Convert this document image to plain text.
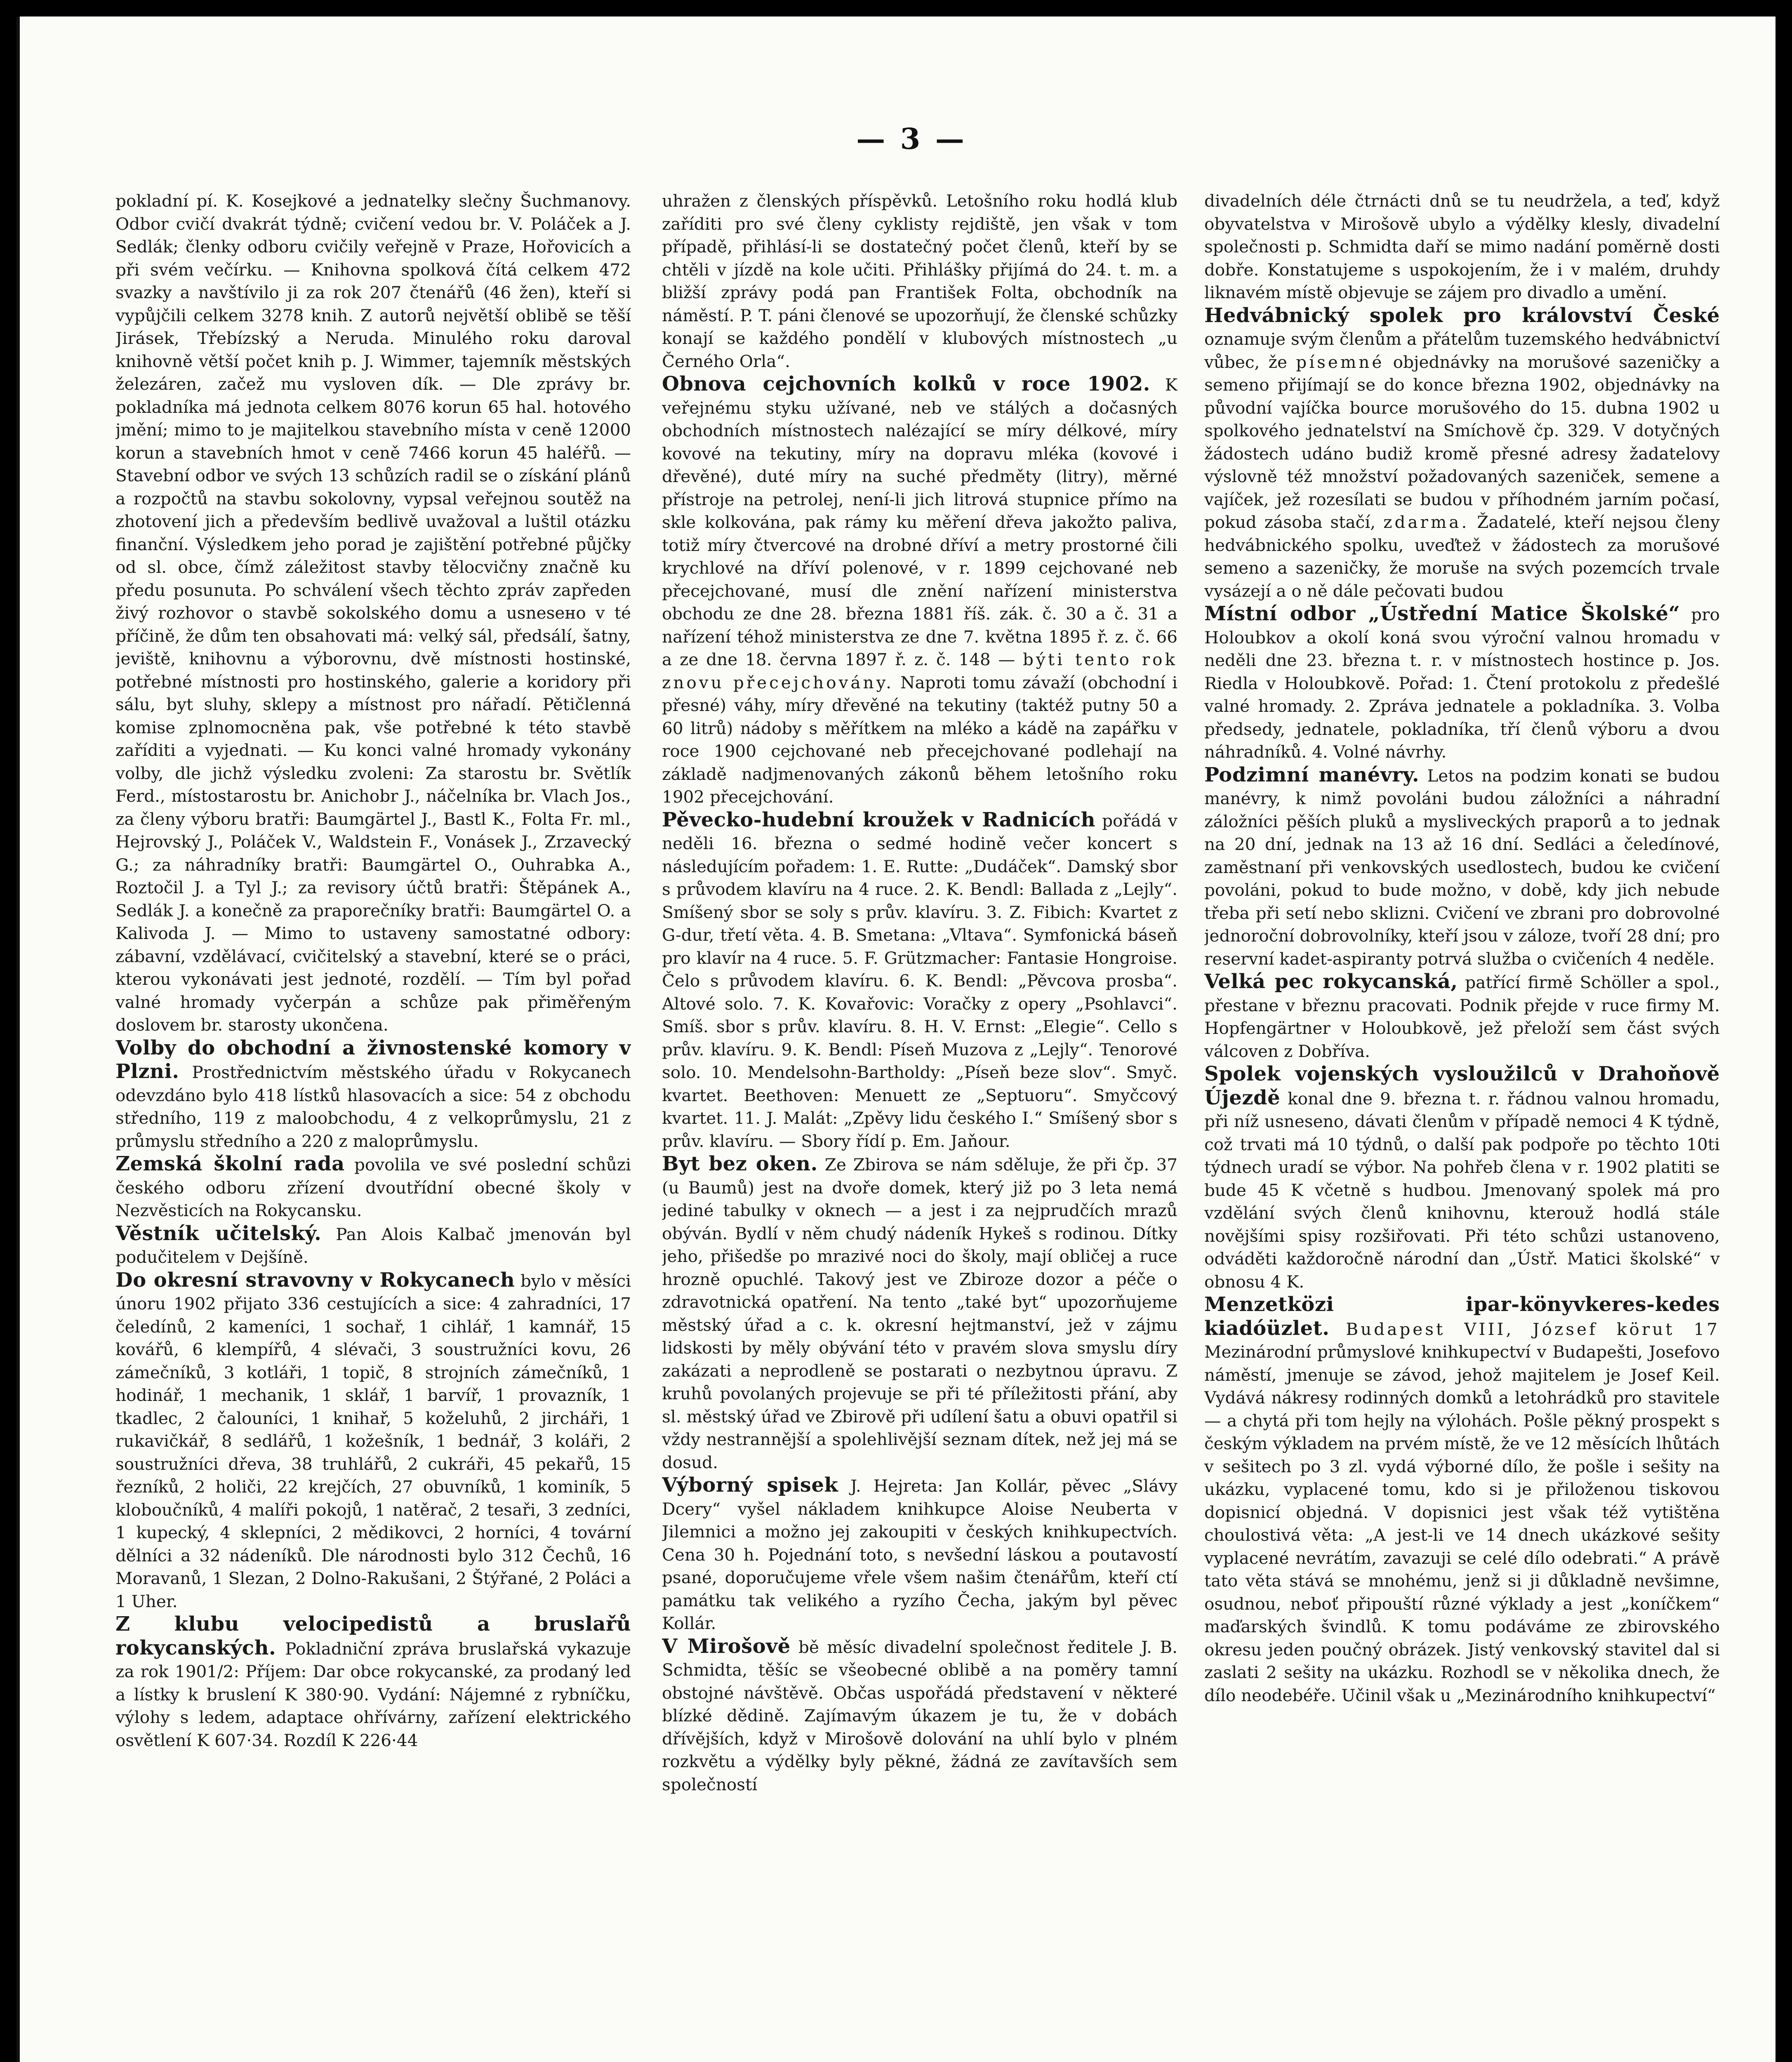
— 3 —

pokladní pí. K. Kosejkové a jednatelky slečny Šuchmanovy. Odbor cvičí dvakrát týdně; cvičení vedou br. V. Poláček a J. Sedlák; členky odboru cvičily veřejně v Praze, Hořovicích a při svém večírku. — Knihovna spolková čítá celkem 472 svazky a navštívilo ji za rok 207 čtenářů (46 žen), kteří si vypůjčili celkem 3278 knih. Z autorů největší oblibě se těší Jirásek, Třebízský a Neruda. Minulého roku daroval knihovně větší počet knih p. J. Wimmer, tajemník městských železáren, začež mu vysloven dík. — Dle zprávy br. pokladníka má jednota celkem 8076 korun 65 hal. hotového jmění; mimo to je majitelkou stavebního místa v ceně 12000 korun a stavebních hmot v ceně 7466 korun 45 haléřů. — Stavební odbor ve svých 13 schůzích radil se o získání plánů a rozpočtů na stavbu sokolovny, vypsal veřejnou soutěž na zhotovení jich a především bedlivě uvažoval a luštil otázku finanční. Výsledkem jeho porad je zajištění potřebné půjčky od sl. obce, čímž záležitost stavby tělocvičny značně ku předu posunuta. Po schválení všech těchto zpráv zapředen živý rozhovor o stavbě sokolského domu a usnesено v té příčině, že dům ten obsahovati má: velký sál, předsálí, šatny, jeviště, knihovnu a výborovnu, dvě místnosti hostinské, potřebné místnosti pro hostinského, galerie a koridory při sálu, byt sluhy, sklepy a místnost pro nářadí. Pětičlenná komise zplnomocněna pak, vše potřebné k této stavbě zaříditi a vyjednati. — Ku konci valné hromady vykonány volby, dle jichž výsledku zvoleni: Za starostu br. Světlík Ferd., místostarostu br. Anichobr J., náčelníka br. Vlach Jos., za členy výboru bratři: Baumgärtel J., Bastl K., Folta Fr. ml., Hejrovský J., Poláček V., Waldstein F., Vonásek J., Zrzavecký G.; za náhradníky bratři: Baumgärtel O., Ouhrabka A., Roztočil J. a Tyl J.; za revisory účtů bratři: Štěpánek A., Sedlák J. a konečně za praporečníky bratři: Baumgärtel O. a Kalivoda J. — Mimo to ustaveny samostatné odbory: zábavní, vzdělávací, cvičitelský a stavební, které se o práci, kterou vykonávati jest jednoté, rozdělí. — Tím byl pořad valné hromady vyčerpán a schůze pak přiměřeným doslovem br. starosty ukončena.

Volby do obchodní a živnostenské komory v Plzni. Prostřednictvím městského úřadu v Rokycanech odevzdáno bylo 418 lístků hlasovacích a sice: 54 z obchodu středního, 119 z maloobchodu, 4 z velkoprůmyslu, 21 z průmyslu středního a 220 z maloprůmyslu.

Zemská školní rada povolila ve své poslední schůzi českého odboru zřízení dvoutřídní obecné školy v Nezvěsticích na Rokycansku.

Věstník učitelský. Pan Alois Kalbač jmenován byl podučitelem v Dejšíně.

Do okresní stravovny v Rokycanech bylo v měsíci únoru 1902 přijato 336 cestujících a sice: 4 zahradníci, 17 čeledínů, 2 kameníci, 1 sochař, 1 cihlář, 1 kamnář, 15 kovářů, 6 klempířů, 4 slévači, 3 soustružníci kovu, 26 zámečníků, 3 kotláři, 1 topič, 8 strojních zámečníků, 1 hodinář, 1 mechanik, 1 sklář, 1 barvíř, 1 provazník, 1 tkadlec, 2 čalouníci, 1 knihař, 5 koželuhů, 2 jircháři, 1 rukavičkář, 8 sedlářů, 1 kožešník, 1 bednář, 3 koláři, 2 soustružníci dřeva, 38 truhlářů, 2 cukráři, 45 pekařů, 15 řezníků, 2 holiči, 22 krejčích, 27 obuvníků, 1 kominík, 5 kloboučníků, 4 malíři pokojů, 1 natěrač, 2 tesaři, 3 zedníci, 1 kupecký, 4 sklepníci, 2 mědikovci, 2 horníci, 4 tovární dělníci a 32 nádeníků. Dle národnosti bylo 312 Čechů, 16 Moravanů, 1 Slezan, 2 Dolno-Rakušani, 2 Štýřané, 2 Poláci a 1 Uher.

Z klubu velocipedistů a bruslařů rokycanských. Pokladniční zpráva bruslařská vykazuje za rok 1901/2: Příjem: Dar obce rokycanské, za prodaný led a lístky k bruslení K 380·90. Vydání: Nájemné z rybníčku, výlohy s ledem, adaptace ohřívárny, zařízení elektrického osvětlení K 607·34. Rozdíl K 226·44

uhražen z členských příspěvků. Letošního roku hodlá klub zaříditi pro své členy cyklisty rejdiště, jen však v tom případě, přihlásí-li se dostatečný počet členů, kteří by se chtěli v jízdě na kole učiti. Přihlášky přijímá do 24. t. m. a bližší zprávy podá pan František Folta, obchodník na náměstí. P. T. páni členové se upozorňují, že členské schůzky konají se každého pondělí v klubových místnostech „u Černého Orla“.

Obnova cejchovních kolků v roce 1902. K veřejnému styku užívané, neb ve stálých a dočasných obchodních místnostech nalézající se míry délkové, míry kovové na tekutiny, míry na dopravu mléka (kovové i dřevěné), duté míry na suché předměty (litry), měrné přístroje na petrolej, není-li jich litrová stupnice přímo na skle kolkována, pak rámy ku měření dřeva jakožto paliva, totiž míry čtvercové na drobné dříví a metry prostorné čili krychlové na dříví polenové, v r. 1899 cejchované neb přecejchované, musí dle znění nařízení ministerstva obchodu ze dne 28. března 1881 říš. zák. č. 30 a č. 31 a nařízení téhož ministerstva ze dne 7. května 1895 ř. z. č. 66 a ze dne 18. června 1897 ř. z. č. 148 — býti tento rok znovu přecejchovány. Naproti tomu závaží (obchodní i přesné) váhy, míry dřevěné na tekutiny (taktéž putny 50 a 60 litrů) nádoby s měřítkem na mléko a kádě na zapářku v roce 1900 cejchované neb přecejchované podlehají na základě nadjmenovaných zákonů během letošního roku 1902 přecejchování.

Pěvecko-hudební kroužek v Radnicích pořádá v neděli 16. března o sedmé hodině večer koncert s následujícím pořadem: 1. E. Rutte: „Dudáček“. Damský sbor s průvodem klavíru na 4 ruce. 2. K. Bendl: Ballada z „Lejly“. Smíšený sbor se soly s prův. klavíru. 3. Z. Fibich: Kvartet z G-dur, třetí věta. 4. B. Smetana: „Vltava“. Symfonická báseň pro klavír na 4 ruce. 5. F. Grützmacher: Fantasie Hongroise. Čelo s průvodem klavíru. 6. K. Bendl: „Pěvcova prosba“. Altové solo. 7. K. Kovařovic: Voračky z opery „Psohlavci“. Smíš. sbor s prův. klavíru. 8. H. V. Ernst: „Elegie“. Cello s prův. klavíru. 9. K. Bendl: Píseň Muzova z „Lejly“. Tenorové solo. 10. Mendelsohn-Bartholdy: „Píseň beze slov“. Smyč. kvartet. Beethoven: Menuett ze „Septuoru“. Smyčcový kvartet. 11. J. Malát: „Zpěvy lidu českého I.“ Smíšený sbor s prův. klavíru. — Sbory řídí p. Em. Jaňour.

Byt bez oken. Ze Zbirova se nám sděluje, že při čp. 37 (u Baumů) jest na dvoře domek, který již po 3 leta nemá jediné tabulky v oknech — a jest i za nejprudčích mrazů obýván. Bydlí v něm chudý nádeník Hykeš s rodinou. Dítky jeho, přišedše po mrazivé noci do školy, mají obličej a ruce hrozně opuchlé. Takový jest ve Zbiroze dozor a péče o zdravotnická opatření. Na tento „také byt“ upozorňujeme městský úřad a c. k. okresní hejtmanství, jež v zájmu lidskosti by měly obývání této v pravém slova smyslu díry zakázati a neprodleně se postarati o nezbytnou úpravu. Z kruhů povolaných projevuje se při té příležitosti přání, aby sl. městský úřad ve Zbirově při udílení šatu a obuvi opatřil si vždy nestrannější a spolehlivější seznam dítek, než jej má se dosud.

Výborný spisek J. Hejreta: Jan Kollár, pěvec „Slávy Dcery“ vyšel nákladem knihkupce Aloise Neuberta v Jilemnici a možno jej zakoupiti v českých knihkupectvích. Cena 30 h. Pojednání toto, s nevšední láskou a poutavostí psané, doporučujeme vřele všem našim čtenářům, kteří ctí památku tak velikého a ryzího Čecha, jakým byl pěvec Kollár.

V Mirošově bě měsíc divadelní společnost ředitele J. B. Schmidta, těšíc se všeobecné oblibě a na poměry tamní obstojné návštěvě. Občas uspořádá představení v některé blízké dědině. Zajímavým úkazem je tu, že v dobách dřívějších, když v Mirošově dolování na uhlí bylo v plném rozkvětu a výdělky byly pěkné, žádná ze zavítavších sem společností

divadelních déle čtrnácti dnů se tu neudržela, a teď, když obyvatelstva v Mirošově ubylo a výdělky klesly, divadelní společnosti p. Schmidta daří se mimo nadání poměrně dosti dobře. Konstatujeme s uspokojením, že i v malém, druhdy liknavém místě objevuje se zájem pro divadlo a umění.

Hedvábnický spolek pro království České oznamuje svým členům a přátelům tuzemského hedvábnictví vůbec, že písemné objednávky na morušové sazeničky a semeno přijímají se do konce března 1902, objednávky na původní vajíčka bource morušového do 15. dubna 1902 u spolkového jednatelství na Smíchově čp. 329. V dotyčných žádostech udáno budiž kromě přesné adresy žadatelovy výslovně též množství požadovaných sazeniček, semene a vajíček, jež rozesílati se budou v příhodném jarním počasí, pokud zásoba stačí, zdarma. Žadatelé, kteří nejsou členy hedvábnického spolku, uveďtež v žádostech za morušové semeno a sazeničky, že moruše na svých pozemcích trvale vysázejí a o ně dále pečovati budou

Místní odbor „Ústřední Matice Školské“ pro Holoubkov a okolí koná svou výroční valnou hromadu v neděli dne 23. března t. r. v místnostech hostince p. Jos. Riedla v Holoubkově. Pořad: 1. Čtení protokolu z předešlé valné hromady. 2. Zpráva jednatele a pokladníka. 3. Volba předsedy, jednatele, pokladníka, tří členů výboru a dvou náhradníků. 4. Volné návrhy.

Podzimní manévry. Letos na podzim konati se budou manévry, k nimž povoláni budou záložníci a náhradní záložníci pěších pluků a mysliveckých praporů a to jednak na 20 dní, jednak na 13 až 16 dní. Sedláci a čeledínové, zaměstnaní při venkovských usedlostech, budou ke cvičení povoláni, pokud to bude možno, v době, kdy jich nebude třeba při setí nebo sklizni. Cvičení ve zbrani pro dobrovolné jednoroční dobrovolníky, kteří jsou v záloze, tvoří 28 dní; pro reservní kadet-aspiranty potrvá služba o cvičeních 4 neděle.

Velká pec rokycanská, patřící firmě Schöller a spol., přestane v březnu pracovati. Podnik přejde v ruce firmy M. Hopfengärtner v Holoubkově, jež přeloží sem část svých válcoven z Dobříva.

Spolek vojenských vysloužilců v Drahoňově Újezdě konal dne 9. března t. r. řádnou valnou hromadu, při níž usneseno, dávati členům v případě nemoci 4 K týdně, což trvati má 10 týdnů, o další pak podpoře po těchto 10ti týdnech uradí se výbor. Na pohřeb člena v r. 1902 platiti se bude 45 K včetně s hudbou. Jmenovaný spolek má pro vzdělání svých členů knihovnu, kterouž hodlá stále novějšími spisy rozšiřovati. Při této schůzi ustanoveno, odváděti každoročně národní dan „Ústř. Matici školské“ v obnosu 4 K.

Menzetközi ipar-könyvkeres-kedes kiadóüzlet. Budapest VIII, József körut 17 Mezinárodní průmyslové knihkupectví v Budapešti, Josefovo náměstí, jmenuje se závod, jehož majitelem je Josef Keil. Vydává nákresy rodinných domků a letohrádků pro stavitele — a chytá při tom hejly na výlohách. Pošle pěkný prospekt s českým výkladem na prvém místě, že ve 12 měsících lhůtách v sešitech po 3 zl. vydá výborné dílo, že pošle i sešity na ukázku, vyplacené tomu, kdo si je přiloženou tiskovou dopisnicí objedná. V dopisnici jest však též vytištěna choulostivá věta: „A jest-li ve 14 dnech ukázkové sešity vyplacené nevrátím, zavazuji se celé dílo odebrati.“ A právě tato věta stává se mnohému, jenž si ji důkladně nevšimne, osudnou, neboť připouští různé výklady a jest „koníčkem“ maďarských švindlů. K tomu podáváme ze zbirovského okresu jeden poučný obrázek. Jistý venkovský stavitel dal si zaslati 2 sešity na ukázku. Rozhodl se v několika dnech, že dílo neodebéře. Učinil však u „Mezinárodního knihkupectví“
